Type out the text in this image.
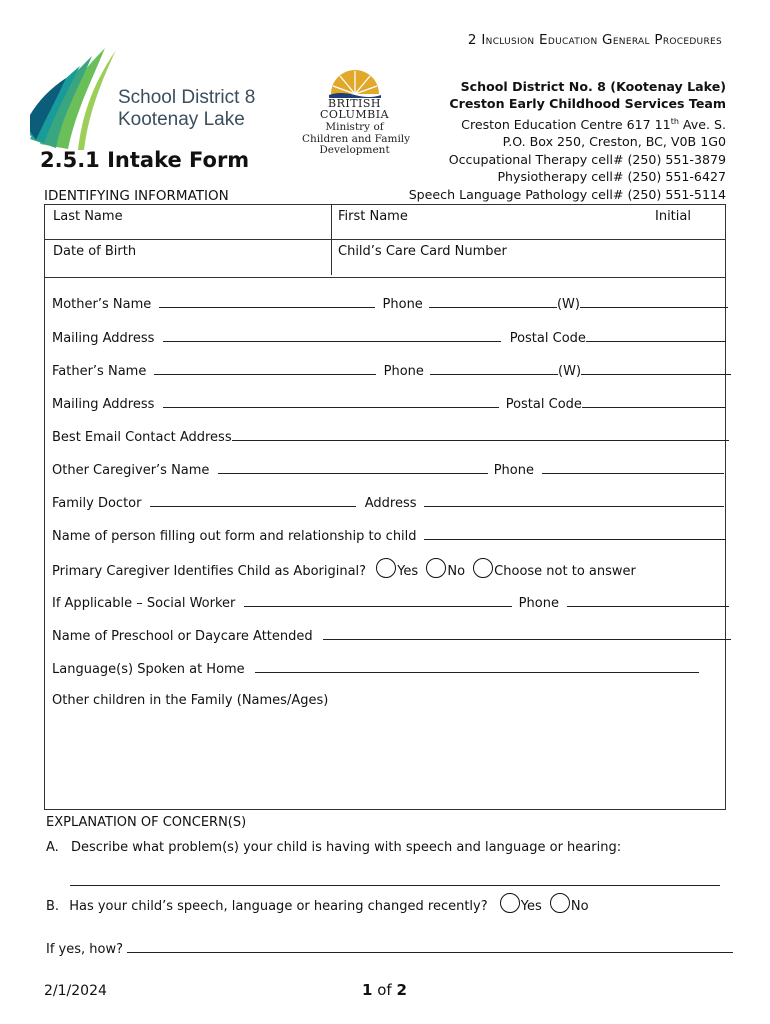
2 Inclusion Education General Procedures
School District 8
Kootenay Lake
BRITISH
COLUMBIA
Ministry of
Children and Family
Development
School District No. 8 (Kootenay Lake)
Creston Early Childhood Services Team
Creston Education Centre 617 11th Ave. S.
P.O. Box 250, Creston, BC, V0B 1G0
Occupational Therapy cell# (250) 551-3879
Physiotherapy cell# (250) 551-6427
Speech Language Pathology cell# (250) 551-5114
2.5.1 Intake Form
IDENTIFYING INFORMATION
Last Name	First Name	Initial
Date of Birth	Child’s Care Card Number
Mother’s Name	Phone	(W)
Mailing Address	Postal Code
Father’s Name	Phone	(W)
Mailing Address	Postal Code
Best Email Contact Address
Other Caregiver’s Name	Phone
Family Doctor	Address
Name of person filling out form and relationship to child
Primary Caregiver Identifies Child as Aboriginal? Yes No Choose not to answer
If Applicable – Social Worker	Phone
Name of Preschool or Daycare Attended
Language(s) Spoken at Home
Other children in the Family (Names/Ages)
EXPLANATION OF CONCERN(S)
A. Describe what problem(s) your child is having with speech and language or hearing:
B. Has your child’s speech, language or hearing changed recently?	Yes No
If yes, how?
2/1/2024	1 of 2
